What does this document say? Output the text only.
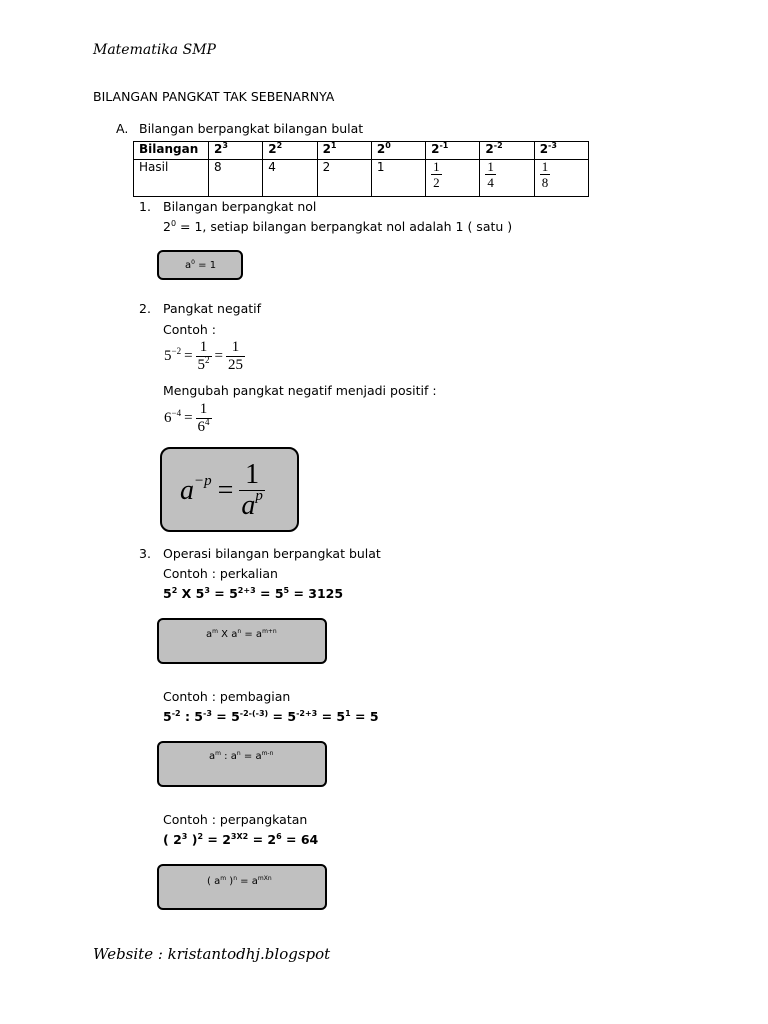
Matematika SMP
BILANGAN PANGKAT TAK SEBENARNYA
A. Bilangan berpangkat bilangan bulat
Bilangan	$2^3$	$2^2$	$2^1$	$2^0$	$2^{-1}$	$2^{-2}$	$2^{-3}$
Hasil	8	4	2	1	$\frac{1}{2}$	$\frac{1}{4}$	$\frac{1}{8}$
1. Bilangan berpangkat nol
$2^0 = 1$, setiap bilangan berpangkat nol adalah 1 ( satu )
$a^0 = 1$
2. Pangkat negatif
Contoh :
$5^{-2} = \frac{1}{5^2} = \frac{1}{25}$
Mengubah pangkat negatif menjadi positif :
$6^{-4} = \frac{1}{6^4}$
$a^{-p} = \frac{1}{a^p}$
3. Operasi bilangan berpangkat bulat
Contoh : perkalian
$5^2$ X $5^3 = 5^{2+3} = 5^5 = 3125$
$a^m$ X $a^n = a^{m+n}$
Contoh : pembagian
$5^{-2}$ : $5^{-3} = 5^{-2-(-3)} = 5^{-2+3} = 5^1 = 5$
$a^m$ : $a^n = a^{m-n}$
Contoh : perpangkatan
( $2^3$ )$^2 = 2^{3X2} = 2^6 = 64$
( $a^m$ )$^n = a^{mXn}$
Website : kristantodhj.blogspot
